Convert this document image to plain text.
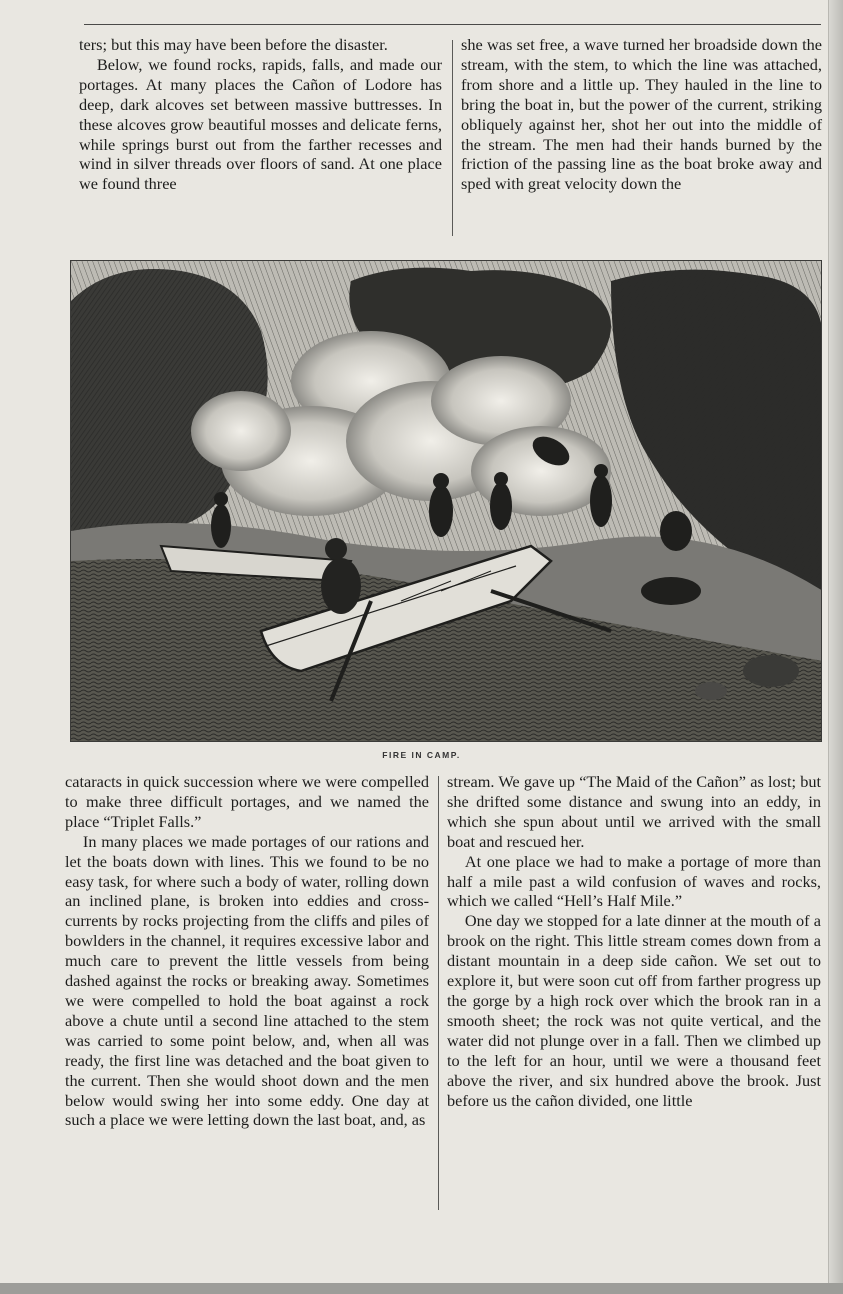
ters; but this may have been before the disaster.

Below, we found rocks, rapids, falls, and made our portages. At many places the Cañon of Lodore has deep, dark alcoves set between massive buttresses. In these alcoves grow beautiful mosses and delicate ferns, while springs burst out from the farther recesses and wind in silver threads over floors of sand. At one place we found three

she was set free, a wave turned her broadside down the stream, with the stem, to which the line was attached, from shore and a little up. They hauled in the line to bring the boat in, but the power of the current, striking obliquely against her, shot her out into the middle of the stream. The men had their hands burned by the friction of the passing line as the boat broke away and sped with great velocity down the

FIRE IN CAMP.

cataracts in quick succession where we were compelled to make three difficult portages, and we named the place “Triplet Falls.”

In many places we made portages of our rations and let the boats down with lines. This we found to be no easy task, for where such a body of water, rolling down an inclined plane, is broken into eddies and cross-currents by rocks projecting from the cliffs and piles of bowlders in the channel, it requires excessive labor and much care to prevent the little vessels from being dashed against the rocks or breaking away. Sometimes we were compelled to hold the boat against a rock above a chute until a second line attached to the stem was carried to some point below, and, when all was ready, the first line was detached and the boat given to the current. Then she would shoot down and the men below would swing her into some eddy. One day at such a place we were letting down the last boat, and, as

stream. We gave up “The Maid of the Cañon” as lost; but she drifted some distance and swung into an eddy, in which she spun about until we arrived with the small boat and rescued her.

At one place we had to make a portage of more than half a mile past a wild confusion of waves and rocks, which we called “Hell’s Half Mile.”

One day we stopped for a late dinner at the mouth of a brook on the right. This little stream comes down from a distant mountain in a deep side cañon. We set out to explore it, but were soon cut off from farther progress up the gorge by a high rock over which the brook ran in a smooth sheet; the rock was not quite vertical, and the water did not plunge over in a fall. Then we climbed up to the left for an hour, until we were a thousand feet above the river, and six hundred above the brook. Just before us the cañon divided, one little
